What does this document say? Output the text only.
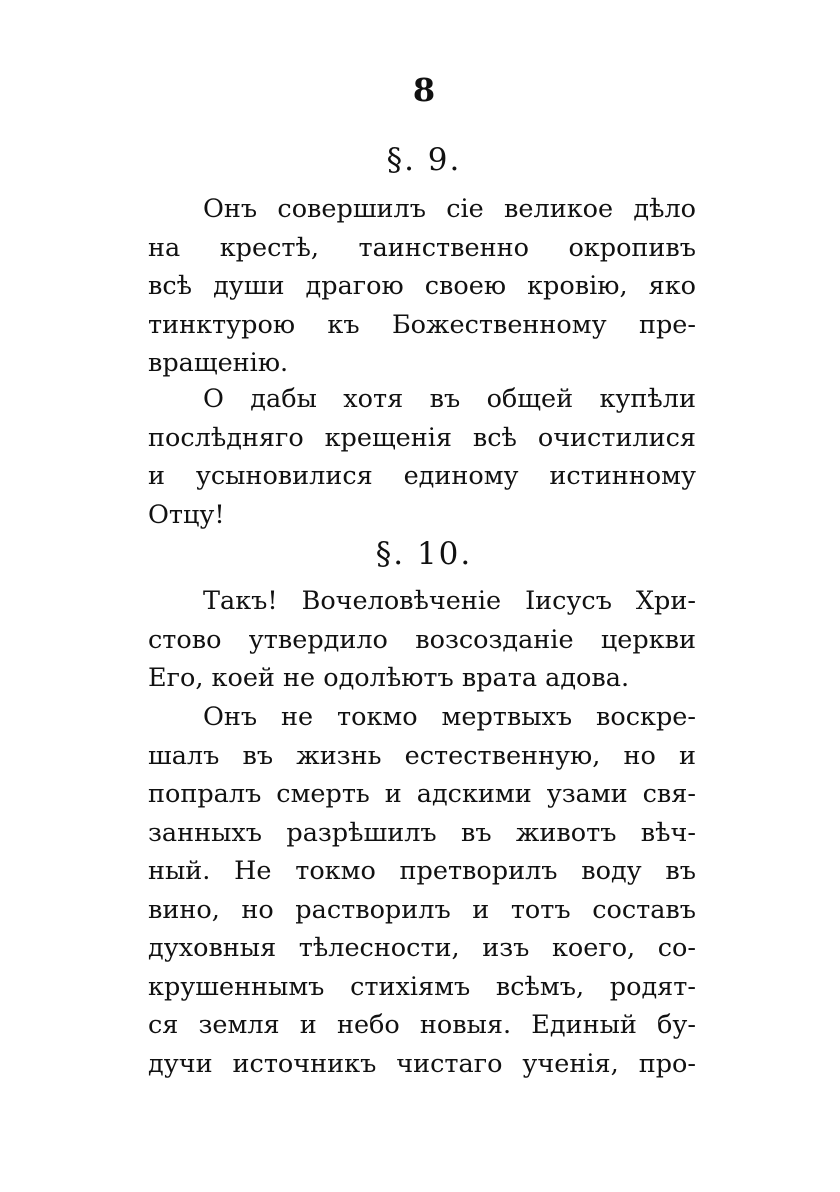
8
§. 9.
Онъ совершилъ сіе великое дѣло
на крестѣ, таинственно окропивъ
всѣ души драгою своею кровію, яко
тинктурою къ Божественному пре-
вращенію.
О дабы хотя въ общей купѣли
послѣдняго крещенія всѣ очистилися
и усыновилися единому истинному
Отцу!
§. 10.
Такъ! Вочеловѣченіе Іисусъ Хри-
стово утвердило возсозданіе церкви
Его, коей не одолѣютъ врата адова.
Онъ не токмо мертвыхъ воскре-
шалъ въ жизнь естественную, но и
попралъ смерть и адскими узами свя-
занныхъ разрѣшилъ въ животъ вѣч-
ный. Не токмо претворилъ воду въ
вино, но растворилъ и тотъ составъ
духовныя тѣлесности, изъ коего, со-
крушеннымъ стихіямъ всѣмъ, родят-
ся земля и небо новыя. Единый бу-
дучи источникъ чистаго ученія, про-
